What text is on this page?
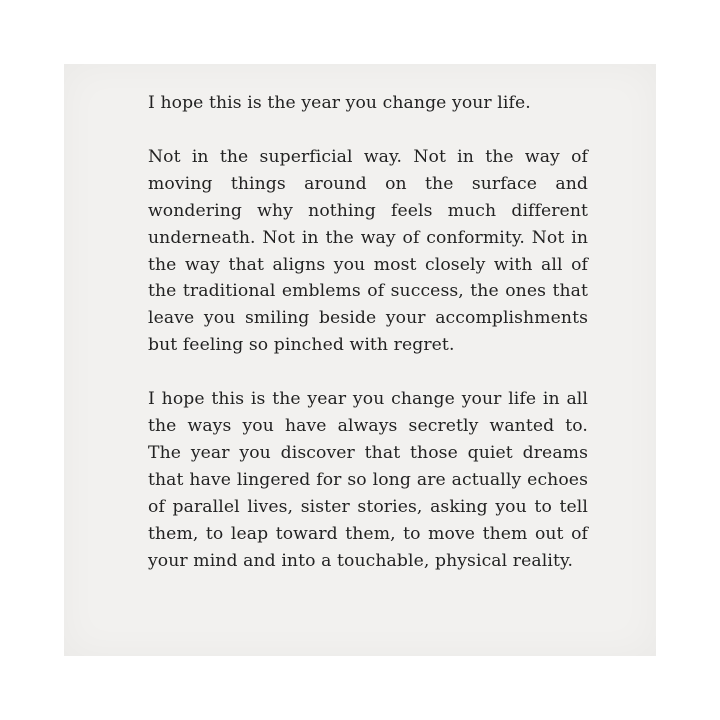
I hope this is the year you change your life.

Not in the superficial way. Not in the way of moving things around on the surface and wondering why nothing feels much different underneath. Not in the way of conformity. Not in the way that aligns you most closely with all of the traditional emblems of success, the ones that leave you smiling beside your accomplishments but feeling so pinched with regret.

I hope this is the year you change your life in all the ways you have always secretly wanted to. The year you discover that those quiet dreams that have lingered for so long are actually echoes of parallel lives, sister stories, asking you to tell them, to leap toward them, to move them out of your mind and into a touchable, physical reality.
